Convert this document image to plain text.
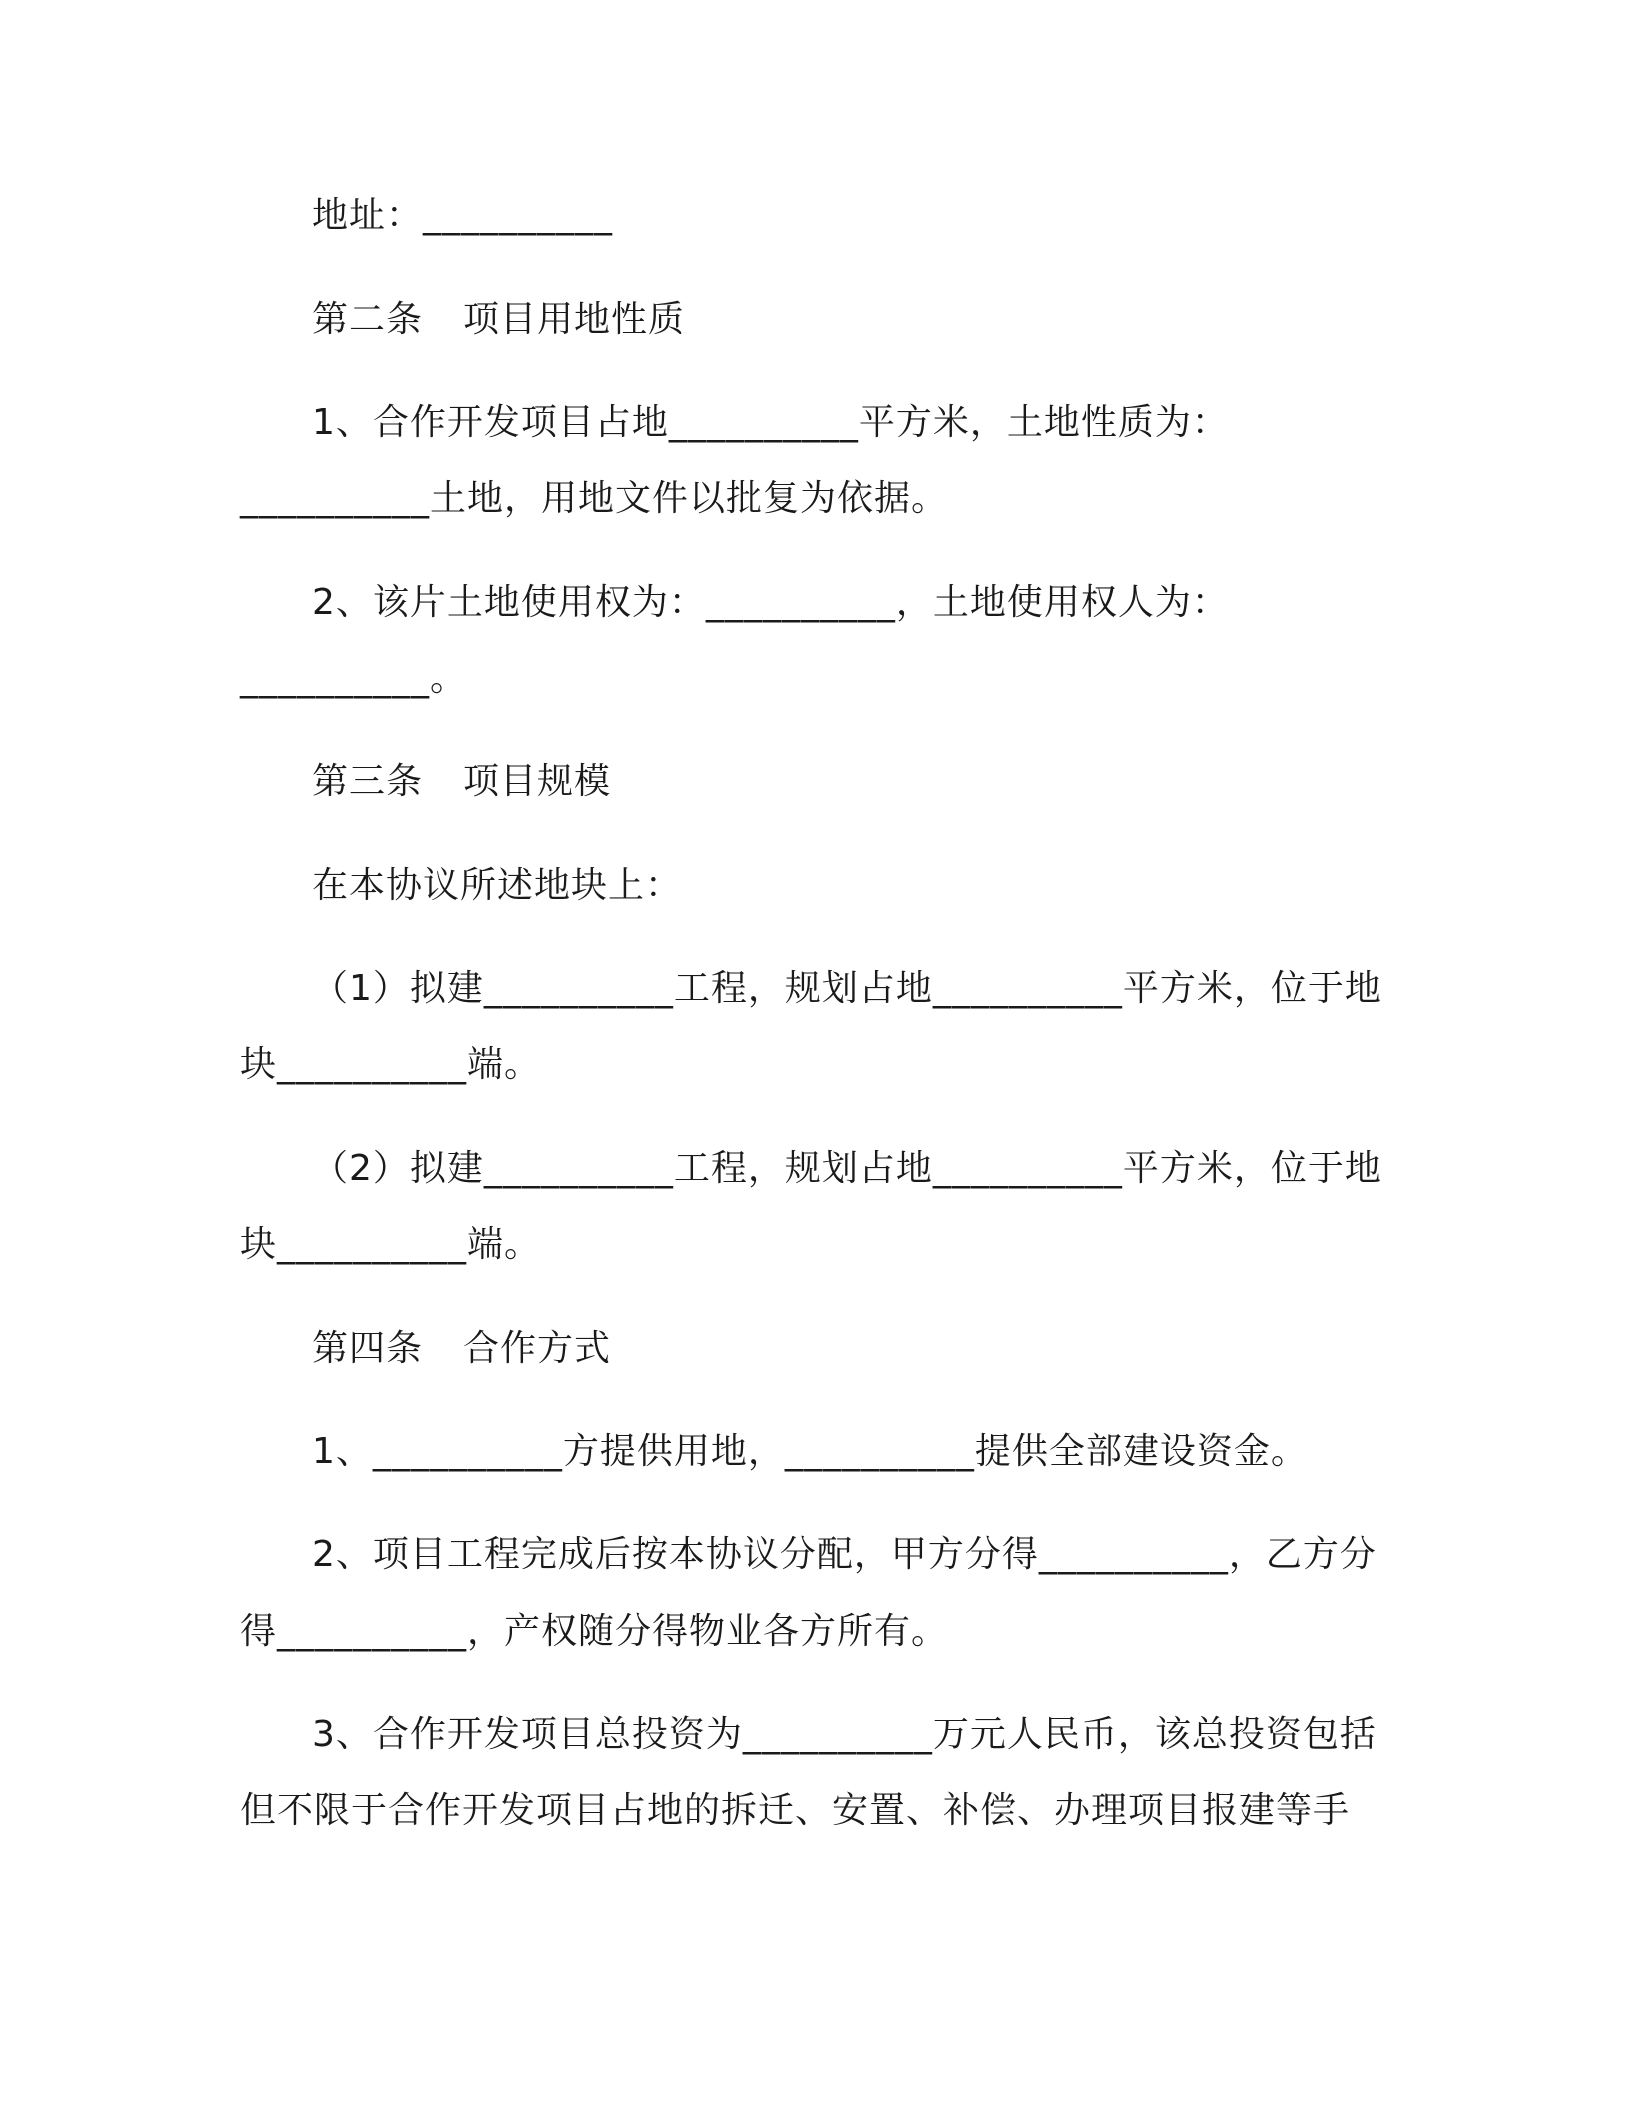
地址：__________

第二条 项目用地性质

1、合作开发项目占地__________平方米，土地性质为：

__________土地，用地文件以批复为依据。

2、该片土地使用权为：__________，土地使用权人为：

__________。

第三条 项目规模

在本协议所述地块上：

（1）拟建__________工程，规划占地__________平方米，位于地

块__________端。

（2）拟建__________工程，规划占地__________平方米，位于地

块__________端。

第四条 合作方式

1、__________方提供用地，__________提供全部建设资金。

2、项目工程完成后按本协议分配，甲方分得__________，乙方分

得__________，产权随分得物业各方所有。

3、合作开发项目总投资为__________万元人民币，该总投资包括

但不限于合作开发项目占地的拆迁、安置、补偿、办理项目报建等手
